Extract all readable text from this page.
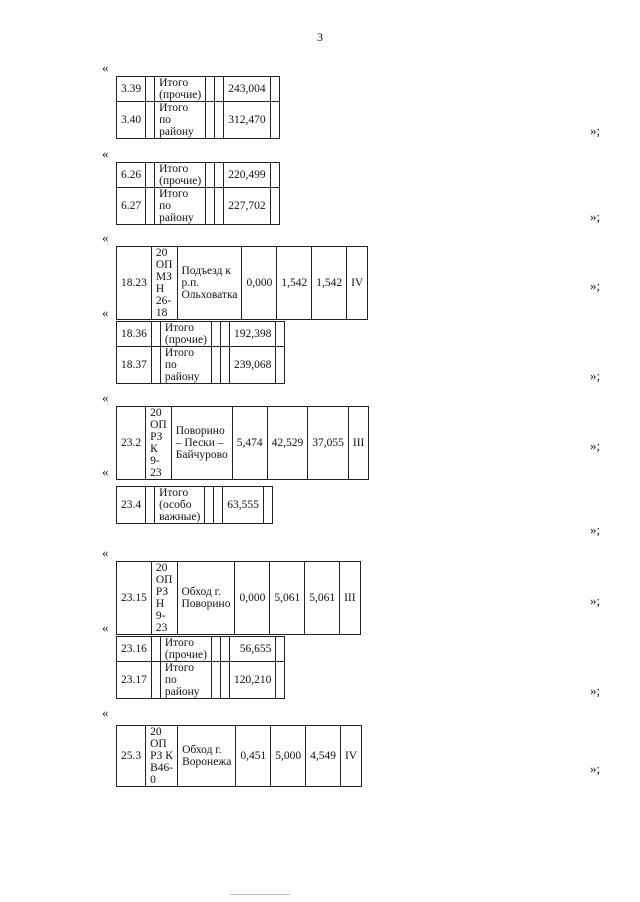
3
«
3.39		Итого (прочие)			243,004	
3.40		Итого по району			312,470	
»;
«
6.26		Итого (прочие)			220,499	
6.27		Итого по району			227,702	
»;
«
18.23	20 ОП МЗ Н 26-18	Подъезд к р.п. Ольховатка	0,000	1,542	1,542	IV	»;
«
18.36		Итого (прочие)			192,398	
18.37		Итого по району			239,068	
»;
«
23.2	20 ОП РЗ К 9-23	Поворино – Пески – Байчурово	5,474	42,529	37,055	III	»;
«
23.4		Итого (особо важные)			63,555	
»;
«
23.15	20 ОП РЗ Н 9-23	Обход г. Поворино	0,000	5,061	5,061	III	»;
«
23.16		Итого (прочие)			56,655	
23.17		Итого по району			120,210	
»;
«
25.3	20 ОП РЗ К В46-0	Обход г. Воронежа	0,451	5,000	4,549	IV
»;
